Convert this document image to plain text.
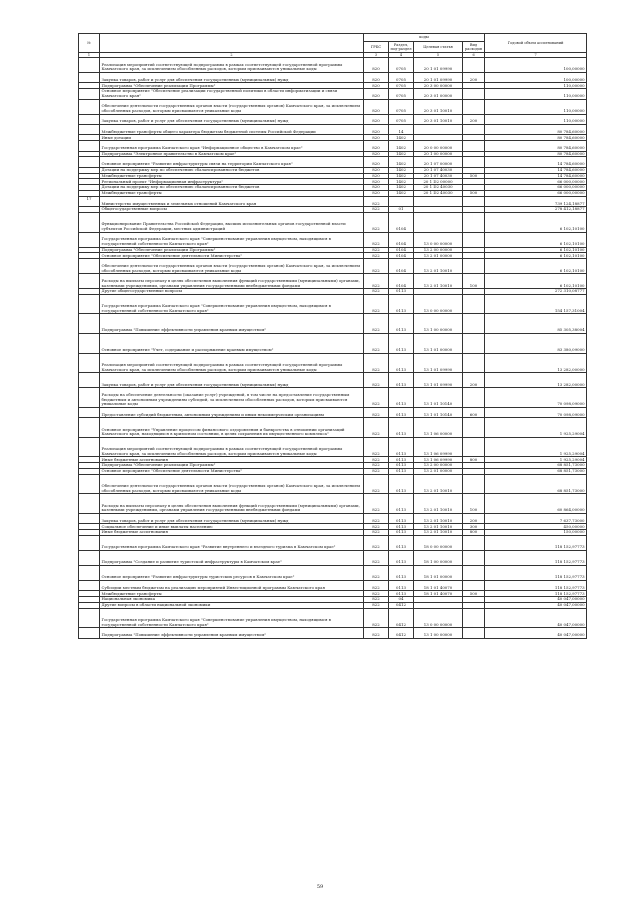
№		коды				Годовой объем ассигнований
		ГРБС	Раздел, под-раздел	Целевая статья	Вид расходов	
1	2	3	4	5	6	7
	Реализация мероприятий соответствующей подпрограммы в рамках соответствующей государственной программы Камчатского края, за исключением обособленных расходов, которым присваиваются уникальные коды	820	0705	20 1 01 09990		100,00000
	Закупка товаров, работ и услуг для обеспечения государственных (муниципальных) нужд	820	0705	20 1 01 09990	200	100,00000
	Подпрограмма "Обеспечение реализации Программы"	820	0705	20 3 00 00000		110,00000
	Основное мероприятие "Обеспечение реализации государственной политики в области информатизации и связи Камчатского края"	820	0705	20 3 01 00000		110,00000
	Обеспечение деятельности государственных органов власти (государственных органов) Камчатского края, за исключением обособленных расходов, которым присваиваются уникальные коды	820	0705	20 3 01 10010		110,00000
	Закупка товаров, работ и услуг для обеспечения государственных (муниципальных) нужд	820	0705	20 3 01 10010	200	110,00000
	Межбюджетные трансферты общего характера бюджетам бюджетной системы Российской Федерации	820	14			80 784,60000
	Иные дотации	820	1402			80 784,60000
	Государственная программа Камчатского края "Информационное общество в Камчатском крае"	820	1402	20 0 00 00000		80 784,60000
	Подпрограмма "Электронное правительство в Камчатском крае"	820	1402	20 1 00 00000		80 784,60000
	Основное мероприятие "Развитие инфраструктуры связи на территории Камчатского края"	820	1402	20 1 07 00000		14 784,60000
	Дотации на поддержку мер по обеспечению сбалансированности бюджетов	820	1402	20 1 07 40030		14 784,60000
	Межбюджетные трансферты	820	1402	20 1 07 40030	500	14 784,60000
	Региональный проект "Информационная инфраструктура"	820	1402	20 1 D2 00000		66 000,00000
	Дотации на поддержку мер по обеспечению сбалансированности бюджетов	820	1402	20 1 D2 40030		66 000,00000
	Межбюджетные трансферты	820	1402	20 1 D2 40030	500	66 000,00000
17	Министерство имущественных и земельных отношений Камчатского края	822				739 124,18877
	Общегосударственные вопросы	822	01			278 412,18877
	Функционирование Правительства Российской Федерации, высших исполнительных органов государственной власти субъектов Российской Федерации, местных администраций	822	0104			6 102,10100
	Государственная программа Камчатского края "Совершенствование управления имуществом, находящимся в государственной собственности Камчатского края"	822	0104	13 0 00 00000		6 102,10100
	Подпрограмма "Обеспечение реализации Программы"	822	0104	13 2 00 00000		6 102,10100
	Основное мероприятие "Обеспечение деятельности Министерства"	822	0104	13 2 01 00000		6 102,10100
	Обеспечение деятельности государственных органов власти (государственных органов) Камчатского края, за исключением обособленных расходов, которым присваиваются уникальные коды	822	0104	13 2 01 10010		6 102,10100
	Расходы на выплаты персоналу в целях обеспечения выполнения функций государственными (муниципальными) органами, казенными учреждениями, органами управления государственными внебюджетными фондами	822	0104	13 2 01 10010	100	6 102,10100
	Другие общегосударственные вопросы	822	0113			272 310,08777
	Государственная программа Камчатского края "Совершенствование управления имуществом, находящимся в государственной собственности Камчатского края"	822	0113	13 0 00 00000		154 157,31004
	Подпрограмма "Повышение эффективности управления краевым имуществом"	822	0113	13 1 00 00000		85 305,38004
	Основное мероприятие "Учет, содержание и распоряжение краевым имуществом"	822	0113	13 1 01 00000		83 380,09000
	Реализация мероприятий соответствующей подпрограммы в рамках соответствующей государственной программы Камчатского края, за исключением обособленных расходов, которым присваиваются уникальные коды	822	0113	13 1 01 09990		13 282,00000
	Закупка товаров, работ и услуг для обеспечения государственных (муниципальных) нужд	822	0113	13 1 01 09990	200	13 282,00000
	Расходы на обеспечение деятельности (оказание услуг) учреждений, в том числе на предоставление государственным бюджетным и автономным учреждениям субсидий, за исключением обособленных расходов, которым присваиваются уникальные коды	822	0113	13 1 01 10140		70 098,09000
	Предоставление субсидий бюджетным, автономным учреждениям и иным некоммерческим организациям	822	0113	13 1 01 10140	600	70 098,09000
	Основное мероприятие "Управление процессом финансового оздоровления и банкротства в отношении организаций Камчатского края, находящихся в кризисном состоянии, в целях сохранения их имущественного комплекса"	822	0113	13 1 06 00000		1 925,29004
	Реализация мероприятий соответствующей подпрограммы в рамках соответствующей государственной программы Камчатского края, за исключением обособленных расходов, которым присваиваются уникальные коды	822	0113	13 1 06 09990		1 925,29004
	Иные бюджетные ассигнования	822	0113	13 1 06 09990	800	1 925,29004
	Подпрограмма "Обеспечение реализации Программы"	822	0113	13 2 00 00000		68 851,73000
	Основное мероприятие "Обеспечение деятельности Министерства"	822	0113	13 2 01 00000		68 851,73000
	Обеспечение деятельности государственных органов власти (государственных органов) Камчатского края, за исключением обособленных расходов, которым присваиваются уникальные коды	822	0113	13 2 01 10010		68 851,73000
	Расходы на выплаты персоналу в целях обеспечения выполнения функций государственными (муниципальными) органами, казенными учреждениями, органами управления государственными внебюджетными фондами	822	0113	13 2 01 10010	100	60 864,00000
	Закупка товаров, работ и услуг для обеспечения государственных (муниципальных) нужд	822	0113	13 2 01 10010	200	7 637,73000
	Социальное обеспечение и иные выплаты населению	822	0113	13 2 01 10010	300	450,00000
	Иные бюджетные ассигнования	822	0113	13 2 01 10010	800	150,00000
	Государственная программа Камчатского края "Развитие внутреннего и въездного туризма в Камчатском крае"	822	0113	18 0 00 00000		118 152,97773
	Подпрограмма "Создание и развитие туристской инфраструктуры в Камчатском крае"	822	0113	18 1 00 00000		118 152,97773
	Основное мероприятие "Развитие инфраструктуры туристских ресурсов в Камчатском крае"	822	0113	18 1 01 00000		118 152,97773
	Субсидии местным бюджетам на реализацию мероприятий Инвестиционной программы Камчатского края	822	0113	18 1 01 40070		118 152,97773
	Межбюджетные трансферты	822	0113	18 1 01 40070	500	118 152,97773
	Национальная экономика	822	04			40 047,00000
	Другие вопросы в области национальной экономики	822	0412			40 047,00000
	Государственная программа Камчатского края "Совершенствование управления имуществом, находящимся в государственной собственности Камчатского края"	822	0412	13 0 00 00000		40 047,00000
	Подпрограмма "Повышение эффективности управления краевым имуществом"	822	0412	13 1 00 00000		40 047,00000
59
